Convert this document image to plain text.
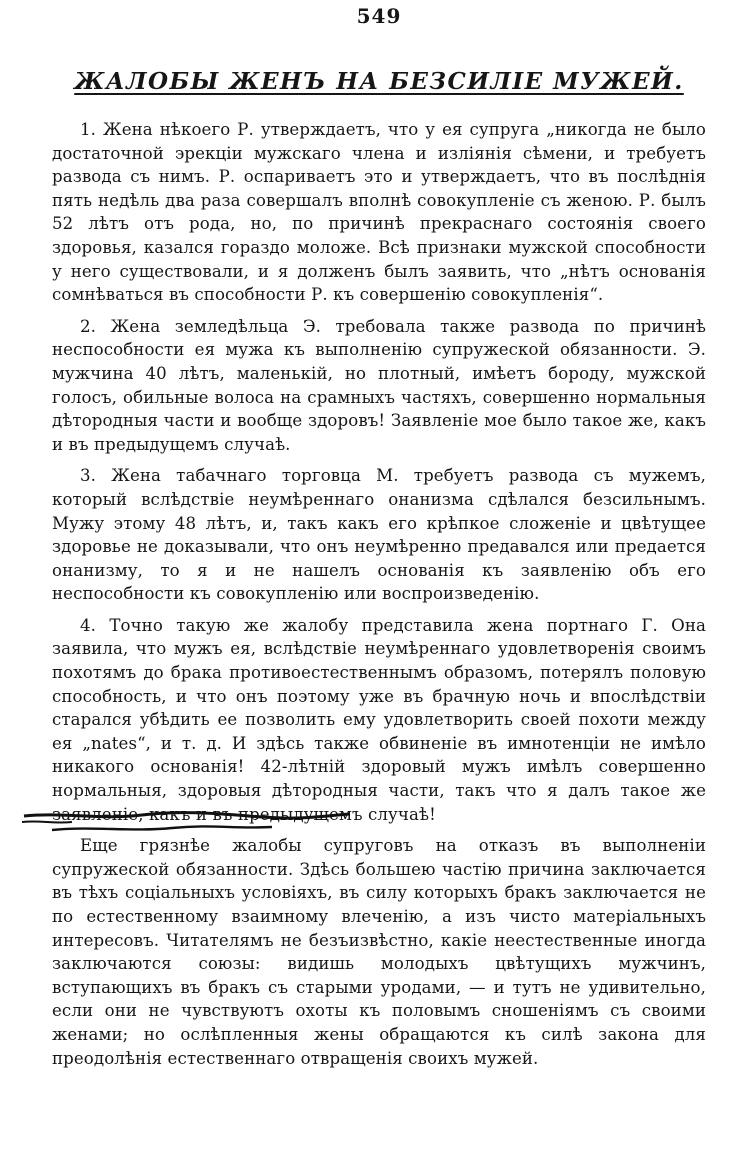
549
ЖАЛОБЫ ЖЕНЪ НА БЕЗСИЛІЕ МУЖЕЙ.

1. Жена нѣкоего Р. утверждаетъ, что у ея супруга „никогда не было достаточной эрекціи мужскаго члена и изліянія сѣмени, и требуетъ развода съ нимъ. Р. оспариваетъ это и утверждаетъ, что въ послѣднія пять недѣль два раза совершалъ вполнѣ совокупленіе съ женою. Р. былъ 52 лѣтъ отъ рода, но, по причинѣ прекраснаго состоянія своего здоровья, казался гораздо моложе. Всѣ признаки мужской способности у него существовали, и я долженъ былъ заявить, что „нѣтъ основанія сомнѣваться въ способности Р. къ совершенію совокупленія“.

2. Жена земледѣльца Э. требовала также развода по причинѣ неспособности ея мужа къ выполненію супружеской обязанности. Э. мужчина 40 лѣтъ, маленькій, но плотный, имѣетъ бороду, мужской голосъ, обильные волоса на срамныхъ частяхъ, совершенно нормальныя дѣтородныя части и вообще здоровъ! Заявленіе мое было такое же, какъ и въ предыдущемъ случаѣ.

3. Жена табачнаго торговца М. требуетъ развода съ мужемъ, который вслѣдствіе неумѣреннаго онанизма сдѣлался безсильнымъ. Мужу этому 48 лѣтъ, и, такъ какъ его крѣпкое сложеніе и цвѣтущее здоровье не доказывали, что онъ неумѣренно предавался или предается онанизму, то я и не нашелъ основанія къ заявленію объ его неспособности къ совокупленію или воспроизведенію.

4. Точно такую же жалобу представила жена портнаго Г. Она заявила, что мужъ ея, вслѣдствіе неумѣреннаго удовлетворенія своимъ похотямъ до брака противоестественнымъ образомъ, потерялъ половую способность, и что онъ поэтому уже въ брачную ночь и впослѣдствіи старался убѣдить ее позволить ему удовлетворить своей похоти между ея „nates“, и т. д. И здѣсь также обвиненіе въ имнотенціи не имѣло никакого основанія! 42-лѣтній здоровый мужъ имѣлъ совершенно нормальныя, здоровыя дѣтородныя части, такъ что я далъ такое же заявленіе, какъ и въ предыдущемъ случаѣ!

Еще грязнѣе жалобы супруговъ на отказъ въ выполненіи супружеской обязанности. Здѣсь большею частію причина заключается въ тѣхъ соціальныхъ условіяхъ, въ силу которыхъ бракъ заключается не по естественному взаимному влеченію, а изъ чисто матеріальныхъ интересовъ. Читателямъ не безъизвѣстно, какіе неестественные иногда заключаются союзы: видишь молодыхъ цвѣтущихъ мужчинъ, вступающихъ въ бракъ съ старыми уродами, — и тутъ не удивительно, если они не чувствуютъ охоты къ половымъ сношеніямъ съ своими женами; но ослѣпленныя жены обращаются къ силѣ закона для преодолѣнія естественнаго отвращенія своихъ мужей.
